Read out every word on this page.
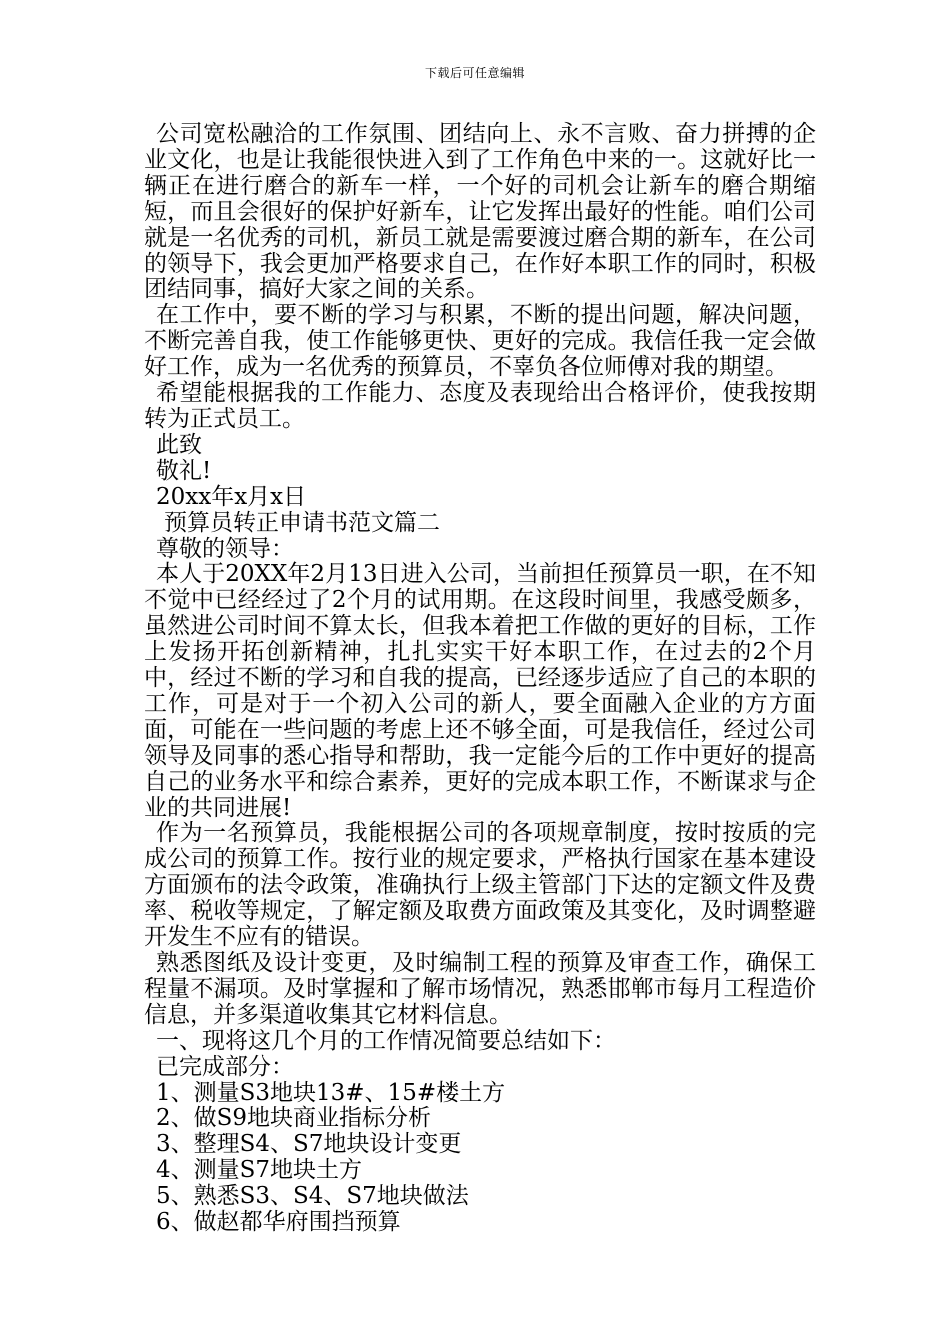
下载后可任意编辑

公司宽松融洽的工作氛围、团结向上、永不言败、奋力拼搏的企业文化，也是让我能很快进入到了工作角色中来的一。这就好比一辆正在进行磨合的新车一样，一个好的司机会让新车的磨合期缩短，而且会很好的保护好新车，让它发挥出最好的性能。咱们公司就是一名优秀的司机，新员工就是需要渡过磨合期的新车，在公司的领导下，我会更加严格要求自己，在作好本职工作的同时，积极团结同事，搞好大家之间的关系。

在工作中，要不断的学习与积累，不断的提出问题，解决问题，不断完善自我，使工作能够更快、更好的完成。我信任我一定会做好工作，成为一名优秀的预算员，不辜负各位师傅对我的期望。

希望能根据我的工作能力、态度及表现给出合格评价，使我按期转为正式员工。

此致

敬礼!

20xx年x月x日

预算员转正申请书范文篇二

尊敬的领导：

本人于20XX年2月13日进入公司，当前担任预算员一职，在不知不觉中已经经过了2个月的试用期。在这段时间里，我感受颇多，虽然进公司时间不算太长，但我本着把工作做的更好的目标，工作上发扬开拓创新精神，扎扎实实干好本职工作，在过去的2个月中，经过不断的学习和自我的提高，已经逐步适应了自己的本职的工作，可是对于一个初入公司的新人，要全面融入企业的方方面面，可能在一些问题的考虑上还不够全面，可是我信任，经过公司领导及同事的悉心指导和帮助，我一定能今后的工作中更好的提高自己的业务水平和综合素养，更好的完成本职工作，不断谋求与企业的共同进展!

作为一名预算员，我能根据公司的各项规章制度，按时按质的完成公司的预算工作。按行业的规定要求，严格执行国家在基本建设方面颁布的法令政策，准确执行上级主管部门下达的定额文件及费率、税收等规定，了解定额及取费方面政策及其变化，及时调整避开发生不应有的错误。

熟悉图纸及设计变更，及时编制工程的预算及审查工作，确保工程量不漏项。及时掌握和了解市场情况，熟悉邯郸市每月工程造价信息，并多渠道收集其它材料信息。

一、现将这几个月的工作情况简要总结如下：

已完成部分：

1、测量S3地块13#、15#楼土方

2、做S9地块商业指标分析

3、整理S4、S7地块设计变更

4、测量S7地块土方

5、熟悉S3、S4、S7地块做法

6、做赵都华府围挡预算
